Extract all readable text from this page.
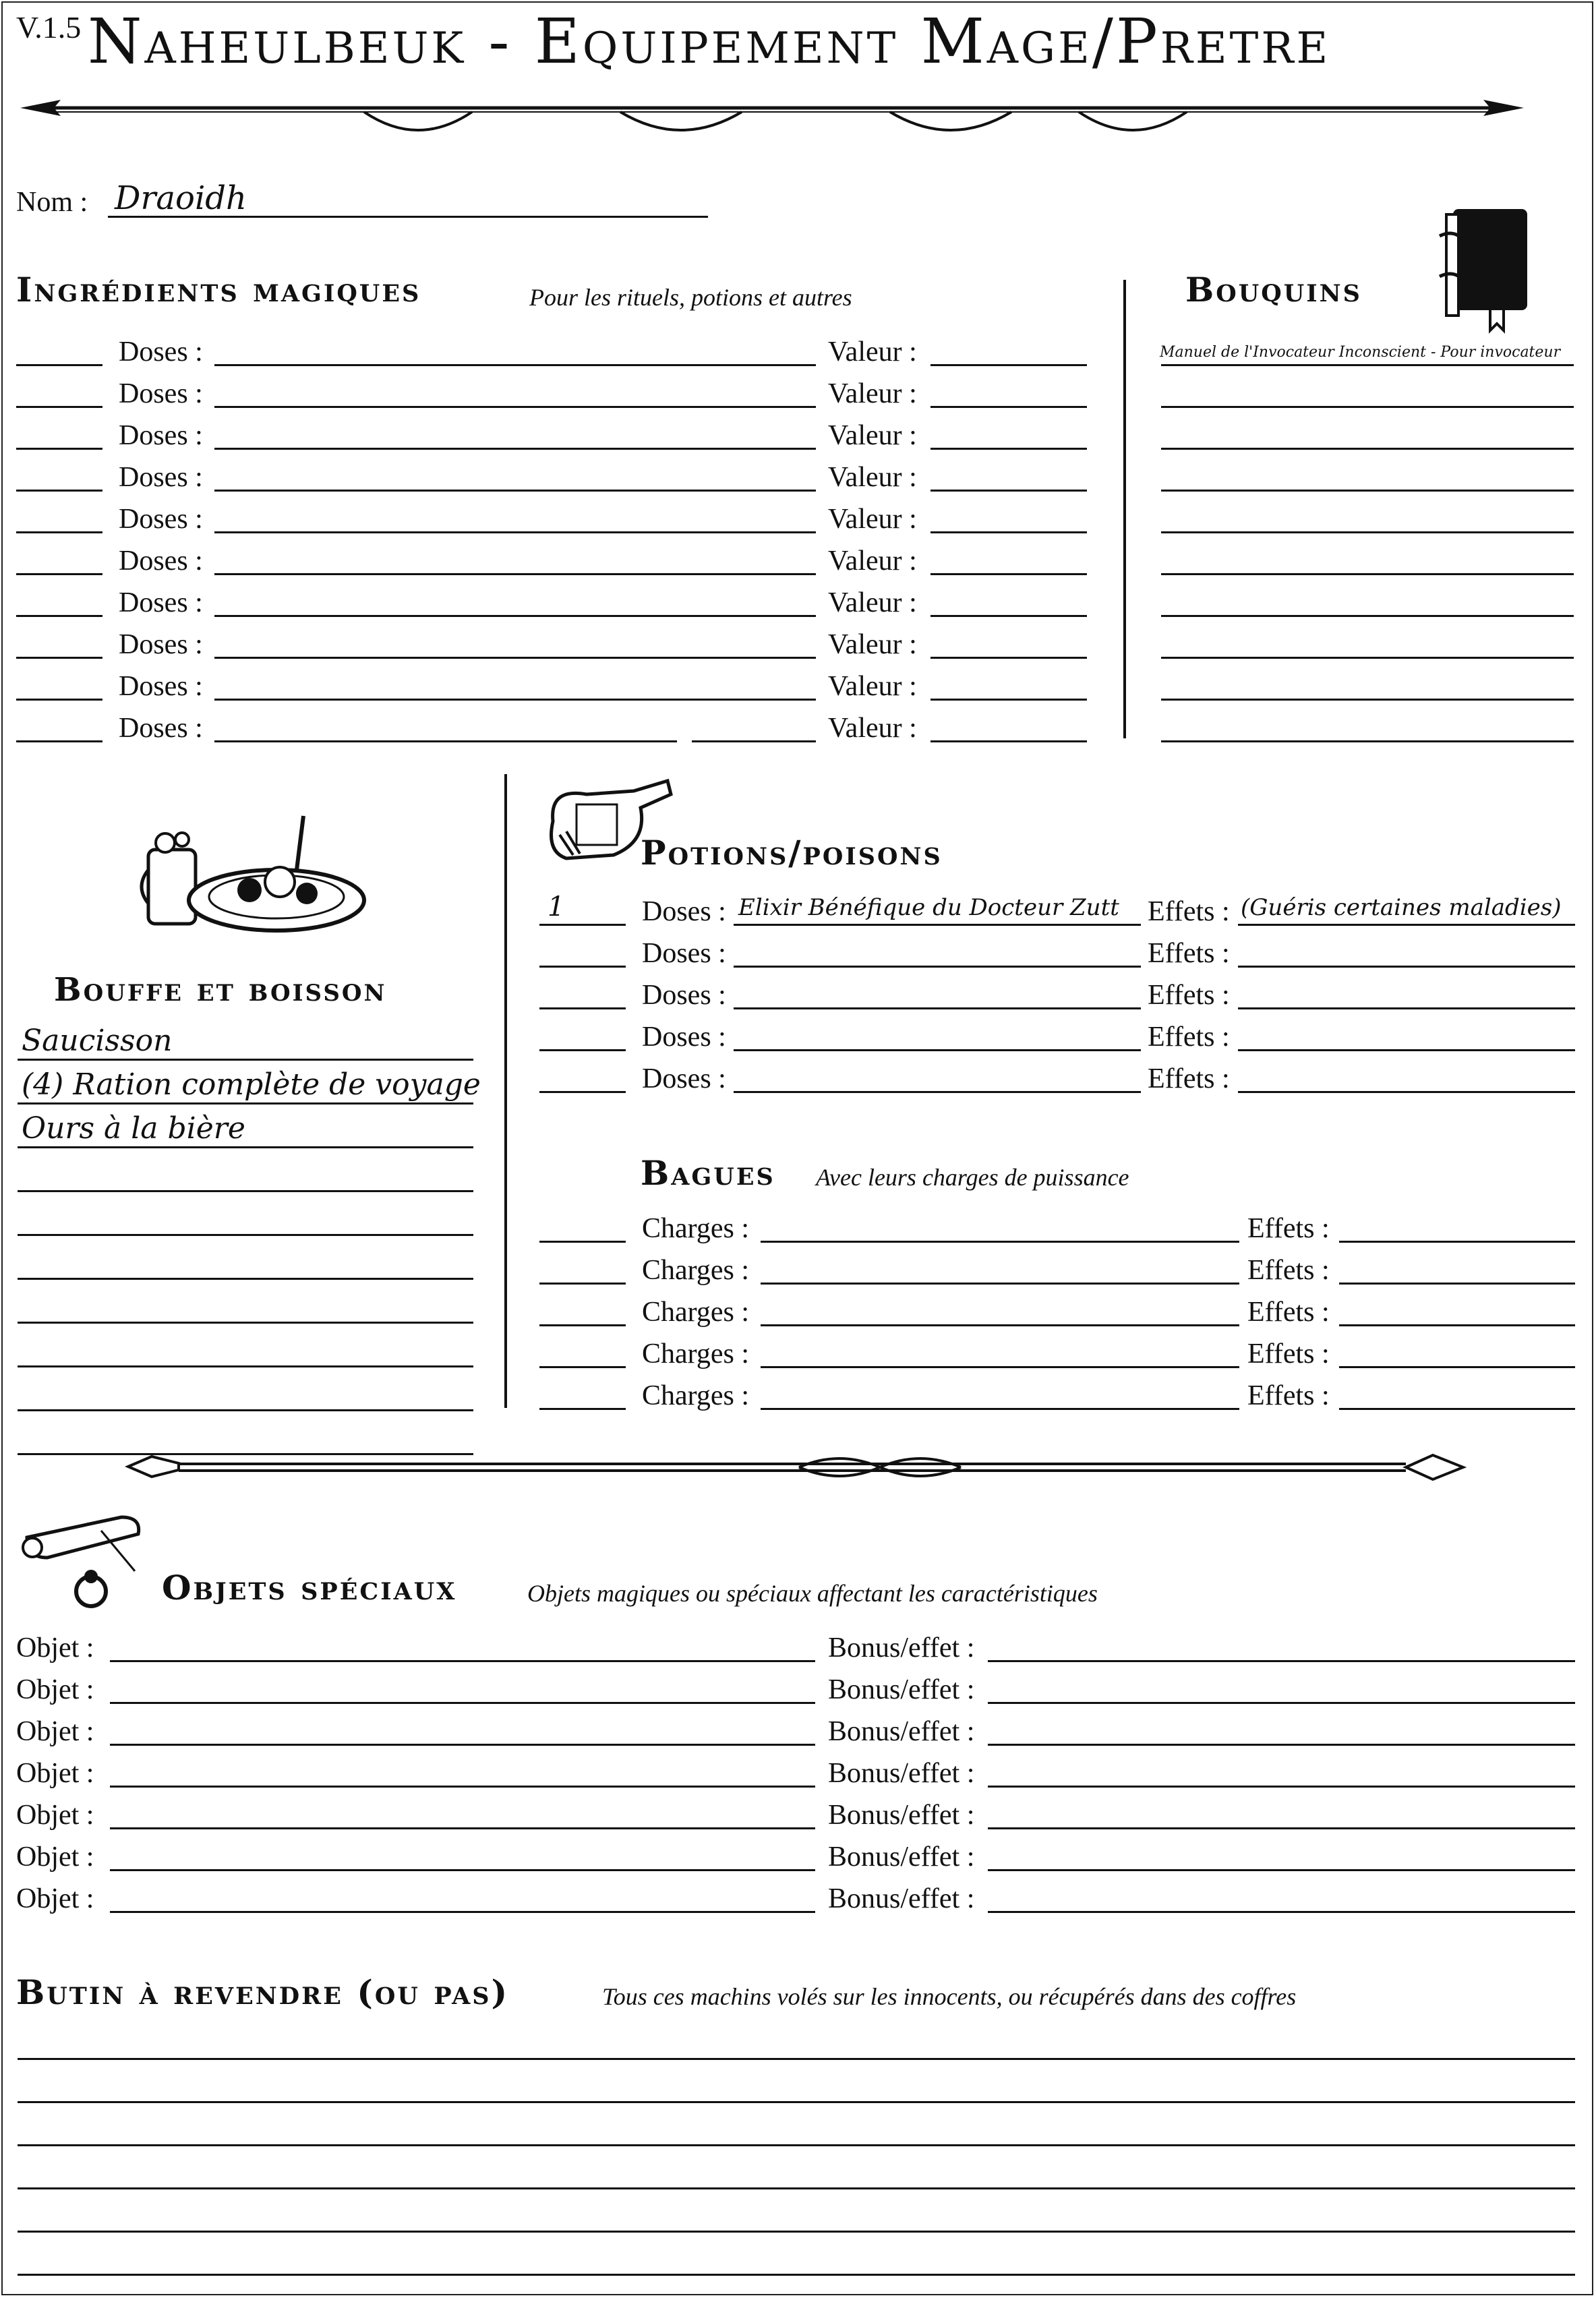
V.1.5 Naheulbeuk - Equipement Mage/Pretre
Nom : Draoidh
Ingrédients magiques	Pour les rituels, potions et autres
Doses :	Valeur :
Doses :	Valeur :
Doses :	Valeur :
Doses :	Valeur :
Doses :	Valeur :
Doses :	Valeur :
Doses :	Valeur :
Doses :	Valeur :
Doses :	Valeur :
Doses :	Valeur :
Bouquins
Manuel de l'Invocateur Inconscient - Pour invocateur
Bouffe et boisson
Saucisson
(4) Ration complète de voyage
Ours à la bière
Potions/poisons
1	Doses : Elixir Bénéfique du Docteur Zutt Effets : (Guéris certaines maladies)
Doses :	Effets :
Doses :	Effets :
Doses :	Effets :
Doses :	Effets :
Bagues Avec leurs charges de puissance
Charges :	Effets :
Charges :	Effets :
Charges :	Effets :
Charges :	Effets :
Charges :	Effets :
Objets spéciaux	Objets magiques ou spéciaux affectant les caractéristiques
Objet :	Bonus/effet :
Objet :	Bonus/effet :
Objet :	Bonus/effet :
Objet :	Bonus/effet :
Objet :	Bonus/effet :
Objet :	Bonus/effet :
Objet :	Bonus/effet :
Butin à revendre (ou pas)	Tous ces machins volés sur les innocents, ou récupérés dans des coffres
